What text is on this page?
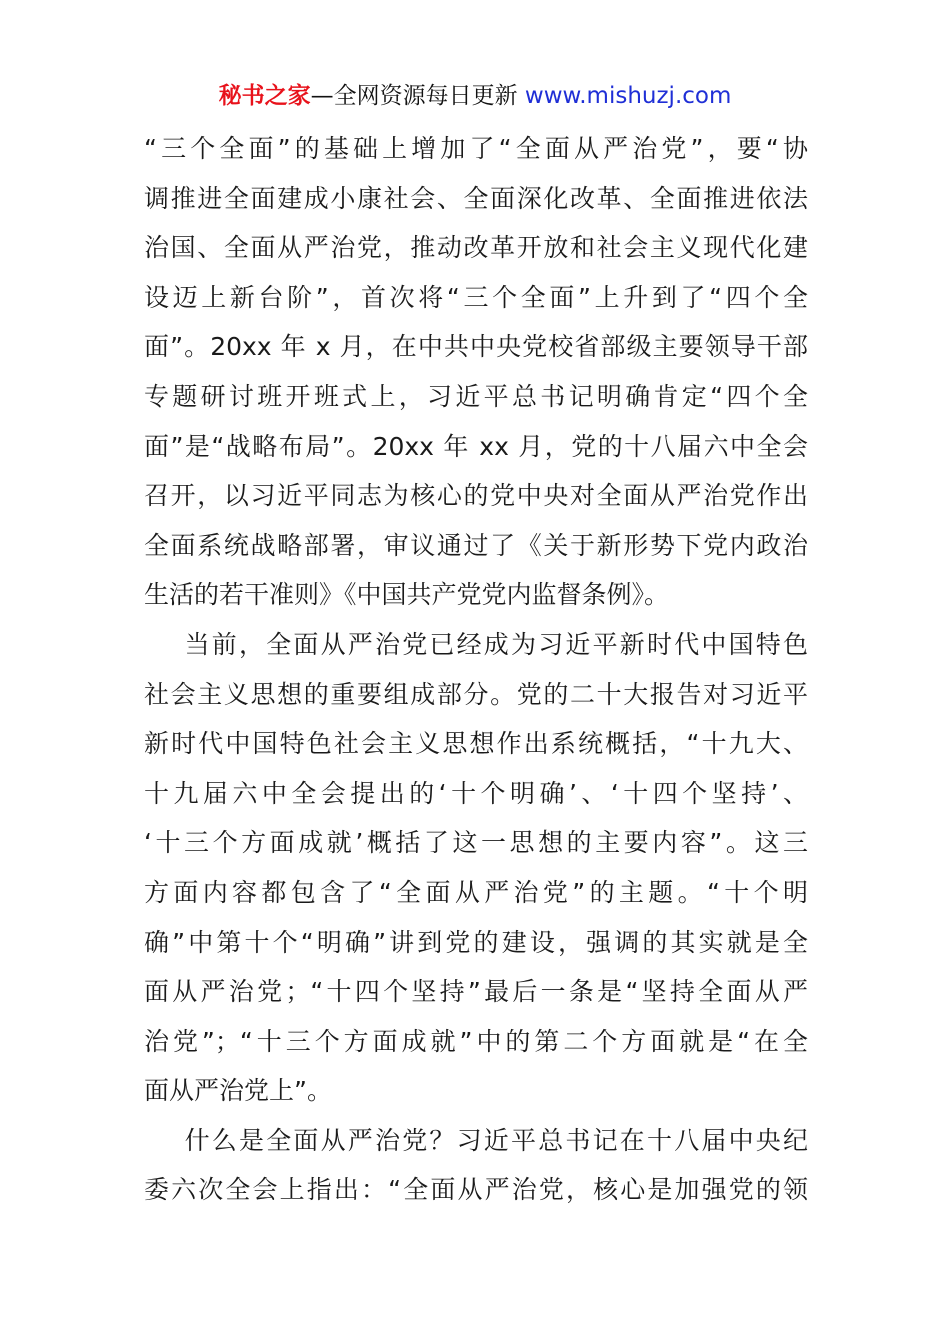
秘书之家—全网资源每日更新 www.mishuzj.com
“三个全面”的基础上增加了“全面从严治党”，要“协
调推进全面建成小康社会、全面深化改革、全面推进依法
治国、全面从严治党，推动改革开放和社会主义现代化建
设迈上新台阶”，首次将“三个全面”上升到了“四个全
面”。20xx 年 x 月，在中共中央党校省部级主要领导干部
专题研讨班开班式上，习近平总书记明确肯定“四个全
面”是“战略布局”。20xx 年 xx 月，党的十八届六中全会
召开，以习近平同志为核心的党中央对全面从严治党作出
全面系统战略部署，审议通过了《关于新形势下党内政治
生活的若干准则》《中国共产党党内监督条例》。
当前，全面从严治党已经成为习近平新时代中国特色
社会主义思想的重要组成部分。党的二十大报告对习近平
新时代中国特色社会主义思想作出系统概括，“十九大、
十九届六中全会提出的‘十个明确’、‘十四个坚持’、
‘十三个方面成就’概括了这一思想的主要内容”。这三
方面内容都包含了“全面从严治党”的主题。“十个明
确”中第十个“明确”讲到党的建设，强调的其实就是全
面从严治党；“十四个坚持”最后一条是“坚持全面从严
治党”；“十三个方面成就”中的第二个方面就是“在全
面从严治党上”。
什么是全面从严治党？习近平总书记在十八届中央纪
委六次全会上指出：“全面从严治党，核心是加强党的领
